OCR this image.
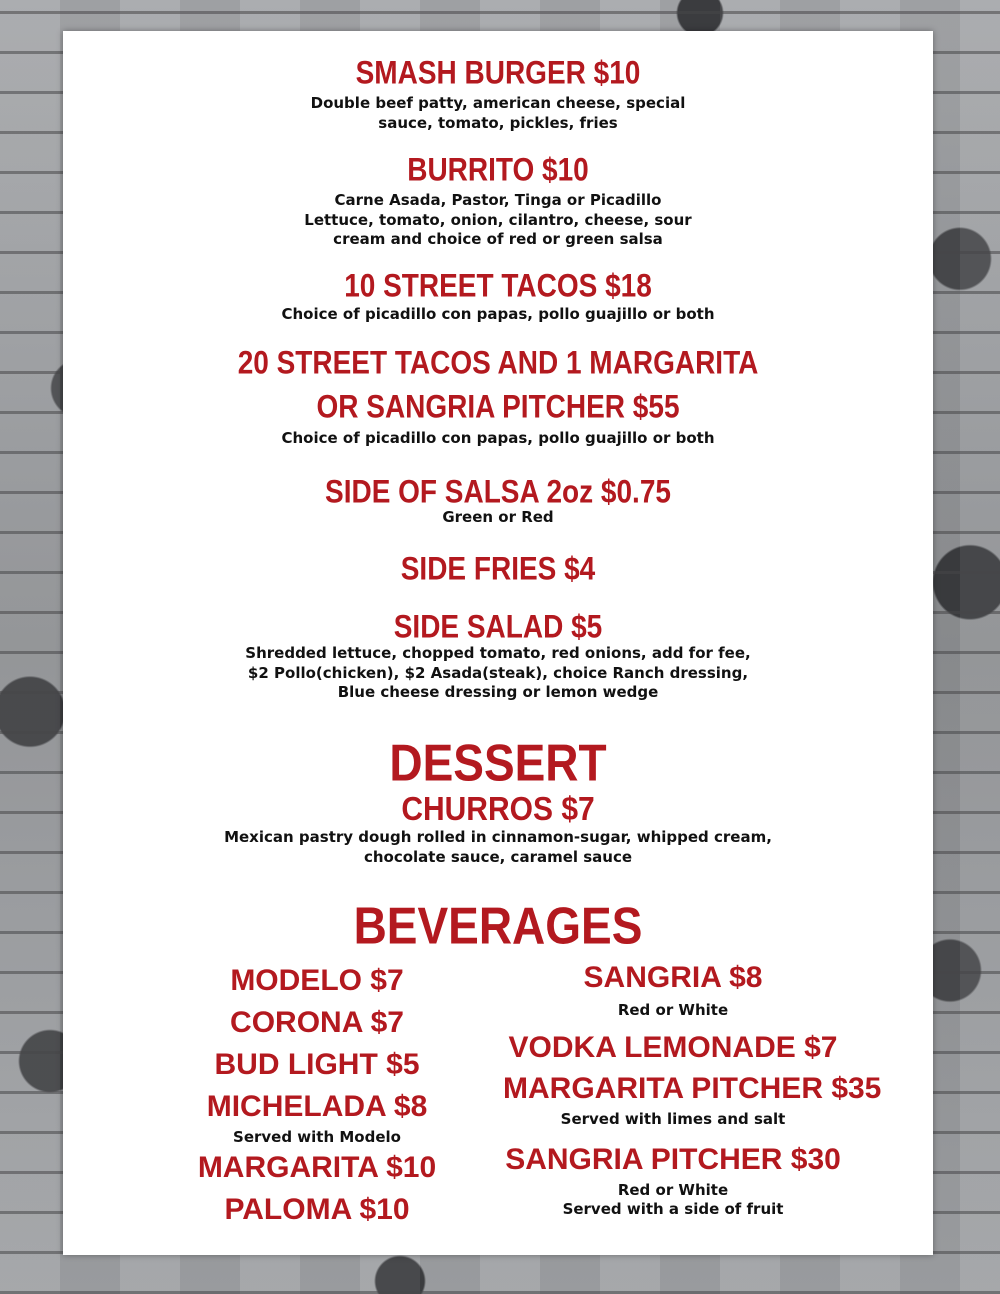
SMASH BURGER $10
Double beef patty, american cheese, special
sauce, tomato, pickles, fries
BURRITO $10
Carne Asada, Pastor, Tinga or Picadillo
Lettuce, tomato, onion, cilantro, cheese, sour
cream and choice of red or green salsa
10 STREET TACOS $18
Choice of picadillo con papas, pollo guajillo or both
20 STREET TACOS AND 1 MARGARITA
OR SANGRIA PITCHER $55
Choice of picadillo con papas, pollo guajillo or both
SIDE OF SALSA 2oz $0.75
Green or Red
SIDE FRIES $4
SIDE SALAD $5
Shredded lettuce, chopped tomato, red onions, add for fee,
$2 Pollo(chicken), $2 Asada(steak), choice Ranch dressing,
Blue cheese dressing or lemon wedge
DESSERT
CHURROS $7
Mexican pastry dough rolled in cinnamon-sugar, whipped cream,
chocolate sauce, caramel sauce
BEVERAGES
MODELO $7
CORONA $7
BUD LIGHT $5
MICHELADA $8
Served with Modelo
MARGARITA $10
PALOMA $10
SANGRIA $8
Red or White
VODKA LEMONADE $7
MARGARITA PITCHER $35
Served with limes and salt
SANGRIA PITCHER $30
Red or White
Served with a side of fruit
